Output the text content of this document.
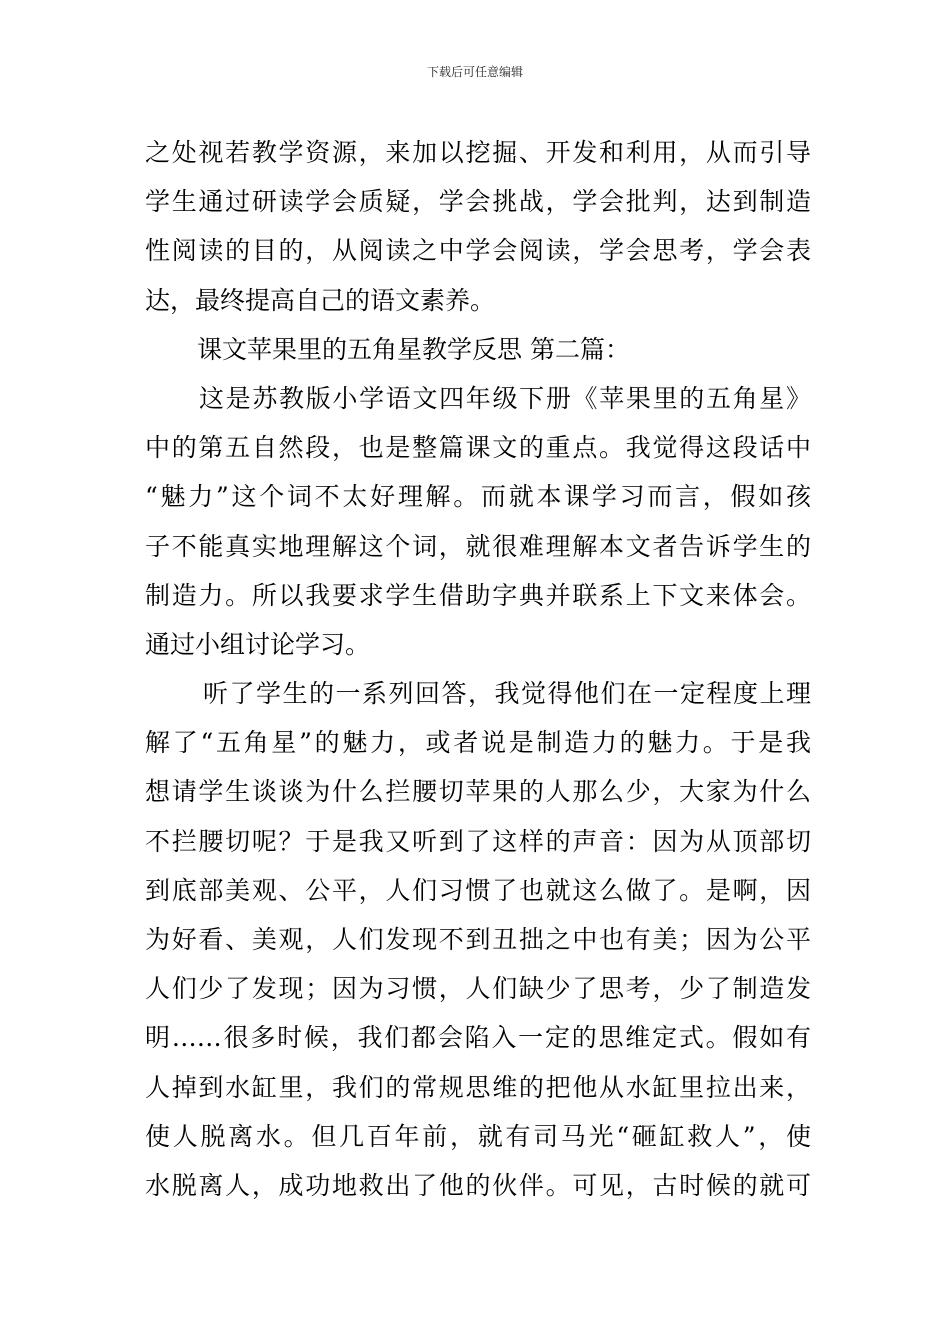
下载后可任意编辑
之处视若教学资源，来加以挖掘、开发和利用，从而引导
学生通过研读学会质疑，学会挑战，学会批判，达到制造
性阅读的目的，从阅读之中学会阅读，学会思考，学会表
达，最终提高自己的语文素养。
课文苹果里的五角星教学反思 第二篇：
这是苏教版小学语文四年级下册《苹果里的五角星》
中的第五自然段，也是整篇课文的重点。我觉得这段话中
“魅力”这个词不太好理解。而就本课学习而言，假如孩
子不能真实地理解这个词，就很难理解本文者告诉学生的
制造力。所以我要求学生借助字典并联系上下文来体会。
通过小组讨论学习。
听了学生的一系列回答，我觉得他们在一定程度上理
解了“五角星”的魅力，或者说是制造力的魅力。于是我
想请学生谈谈为什么拦腰切苹果的人那么少，大家为什么
不拦腰切呢？于是我又听到了这样的声音：因为从顶部切
到底部美观、公平，人们习惯了也就这么做了。是啊，因
为好看、美观，人们发现不到丑拙之中也有美；因为公平
人们少了发现；因为习惯，人们缺少了思考，少了制造发
明……很多时候，我们都会陷入一定的思维定式。假如有
人掉到水缸里，我们的常规思维的把他从水缸里拉出来，
使人脱离水。但几百年前，就有司马光“砸缸救人”，使
水脱离人，成功地救出了他的伙伴。可见，古时候的就可
